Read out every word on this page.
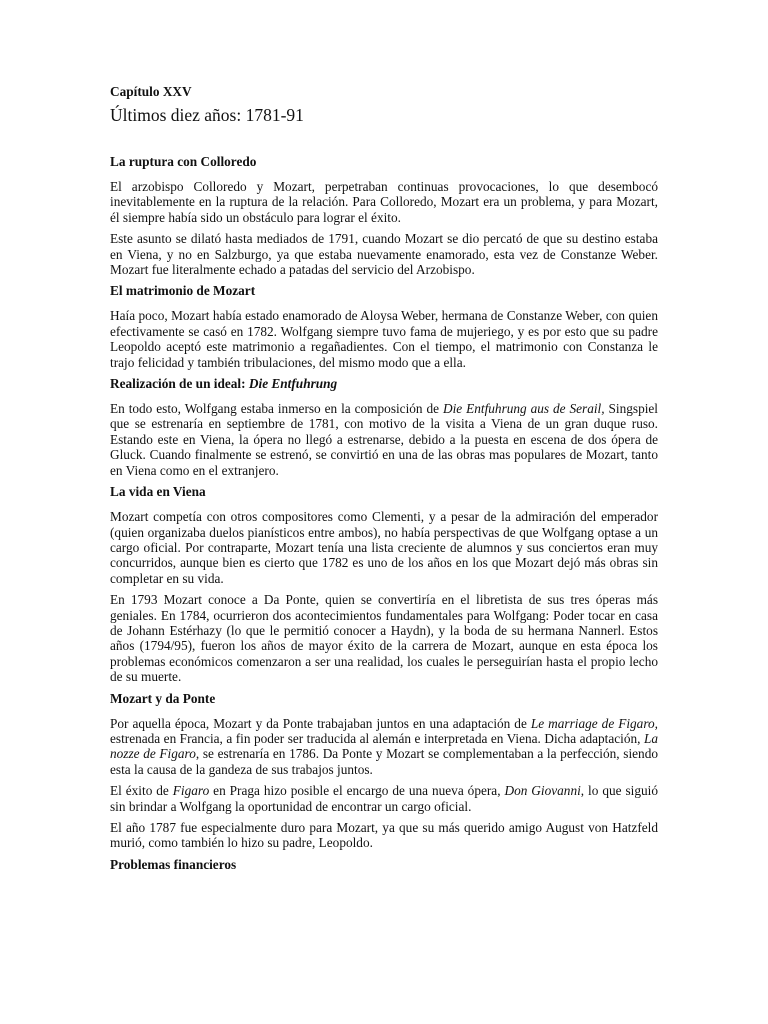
Capítulo XXV
Últimos diez años: 1781-91
La ruptura con Colloredo

El arzobispo Colloredo y Mozart, perpetraban continuas provocaciones, lo que desembocó inevitablemente en la ruptura de la relación. Para Colloredo, Mozart era un problema, y para Mozart, él siempre había sido un obstáculo para lograr el éxito.

Este asunto se dilató hasta mediados de 1791, cuando Mozart se dio percató de que su destino estaba en Viena, y no en Salzburgo, ya que estaba nuevamente enamorado, esta vez de Constanze Weber. Mozart fue literalmente echado a patadas del servicio del Arzobispo.

El matrimonio de Mozart

Haía poco, Mozart había estado enamorado de Aloysa Weber, hermana de Constanze Weber, con quien efectivamente se casó en 1782. Wolfgang siempre tuvo fama de mujeriego, y es por esto que su padre Leopoldo aceptó este matrimonio a regañadientes. Con el tiempo, el matrimonio con Constanza le trajo felicidad y también tribulaciones, del mismo modo que a ella.

Realización de un ideal: Die Entfuhrung

En todo esto, Wolfgang estaba inmerso en la composición de Die Entfuhrung aus de Serail, Singspiel que se estrenaría en septiembre de 1781, con motivo de la visita a Viena de un gran duque ruso. Estando este en Viena, la ópera no llegó a estrenarse, debido a la puesta en escena de dos ópera de Gluck. Cuando finalmente se estrenó, se convirtió en una de las obras mas populares de Mozart, tanto en Viena como en el extranjero.

La vida en Viena

Mozart competía con otros compositores como Clementi, y a pesar de la admiración del emperador (quien organizaba duelos pianísticos entre ambos), no había perspectivas de que Wolfgang optase a un cargo oficial. Por contraparte, Mozart tenía una lista creciente de alumnos y sus conciertos eran muy concurridos, aunque bien es cierto que 1782 es uno de los años en los que Mozart dejó más obras sin completar en su vida.

En 1793 Mozart conoce a Da Ponte, quien se convertiría en el libretista de sus tres óperas más geniales. En 1784, ocurrieron dos acontecimientos fundamentales para Wolfgang: Poder tocar en casa de Johann Estérhazy (lo que le permitió conocer a Haydn), y la boda de su hermana Nannerl. Estos años (1794/95), fueron los años de mayor éxito de la carrera de Mozart, aunque en esta época los problemas económicos comenzaron a ser una realidad, los cuales le perseguirían hasta el propio lecho de su muerte.

Mozart y da Ponte

Por aquella época, Mozart y da Ponte trabajaban juntos en una adaptación de Le marriage de Figaro, estrenada en Francia, a fin poder ser traducida al alemán e interpretada en Viena. Dicha adaptación, La nozze de Figaro, se estrenaría en 1786. Da Ponte y Mozart se complementaban a la perfección, siendo esta la causa de la gandeza de sus trabajos juntos.

El éxito de Figaro en Praga hizo posible el encargo de una nueva ópera, Don Giovanni, lo que siguió sin brindar a Wolfgang la oportunidad de encontrar un cargo oficial.

El año 1787 fue especialmente duro para Mozart, ya que su más querido amigo August von Hatzfeld murió, como también lo hizo su padre, Leopoldo.

Problemas financieros
